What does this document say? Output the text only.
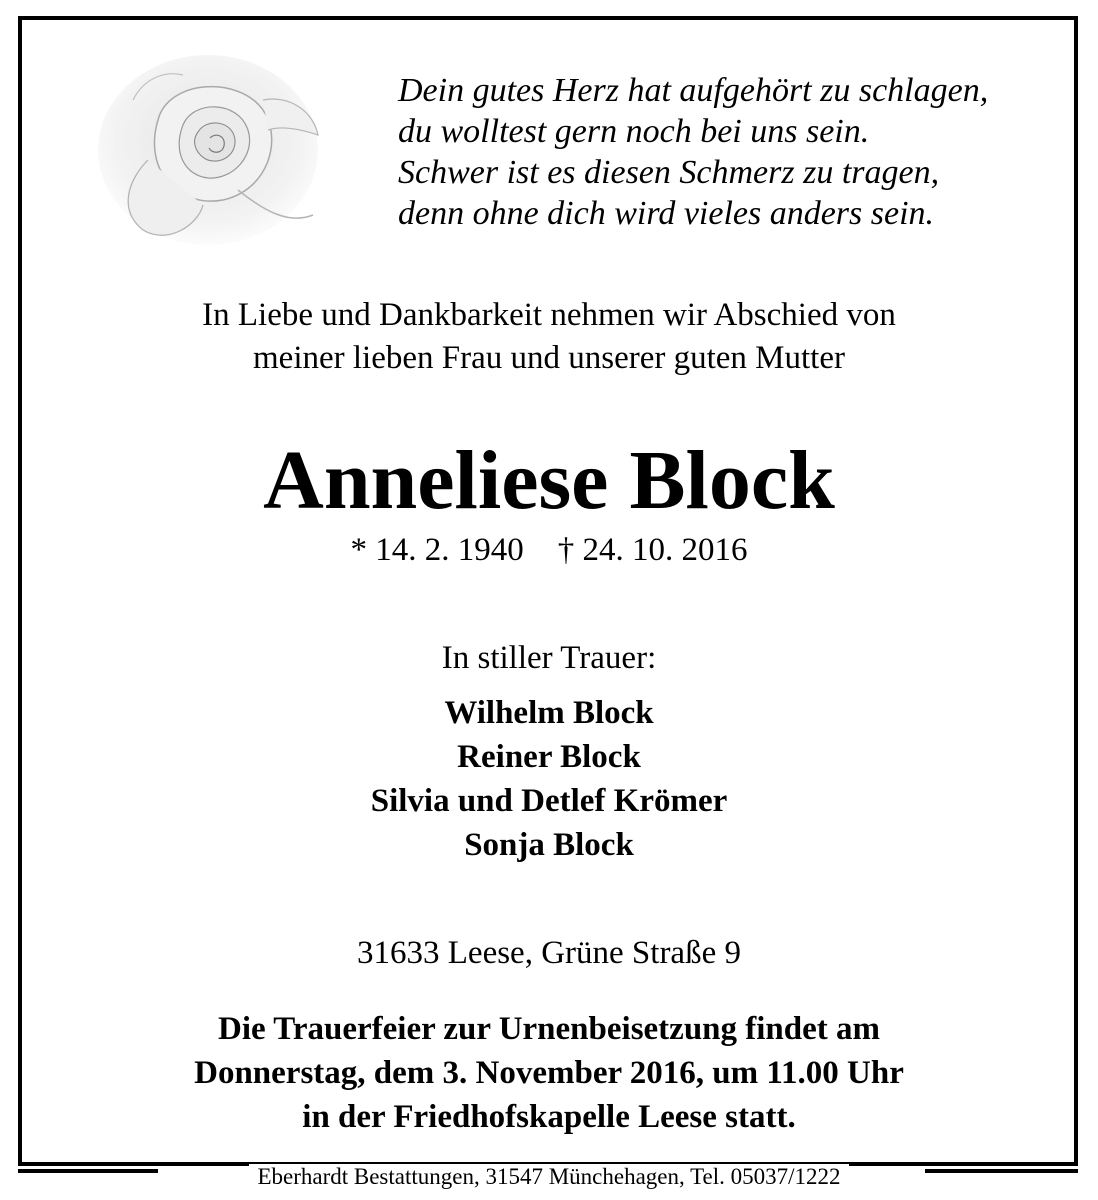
Dein gutes Herz hat aufgehört zu schlagen,
du wolltest gern noch bei uns sein.
Schwer ist es diesen Schmerz zu tragen,
denn ohne dich wird vieles anders sein.
In Liebe und Dankbarkeit nehmen wir Abschied von
meiner lieben Frau und unserer guten Mutter
Anneliese Block
* 14. 2. 1940 † 24. 10. 2016
In stiller Trauer:
Wilhelm Block
Reiner Block
Silvia und Detlef Krömer
Sonja Block
31633 Leese, Grüne Straße 9
Die Trauerfeier zur Urnenbeisetzung findet am
Donnerstag, dem 3. November 2016, um 11.00 Uhr
in der Friedhofskapelle Leese statt.
Eberhardt Bestattungen, 31547 Münchehagen, Tel. 05037/1222
